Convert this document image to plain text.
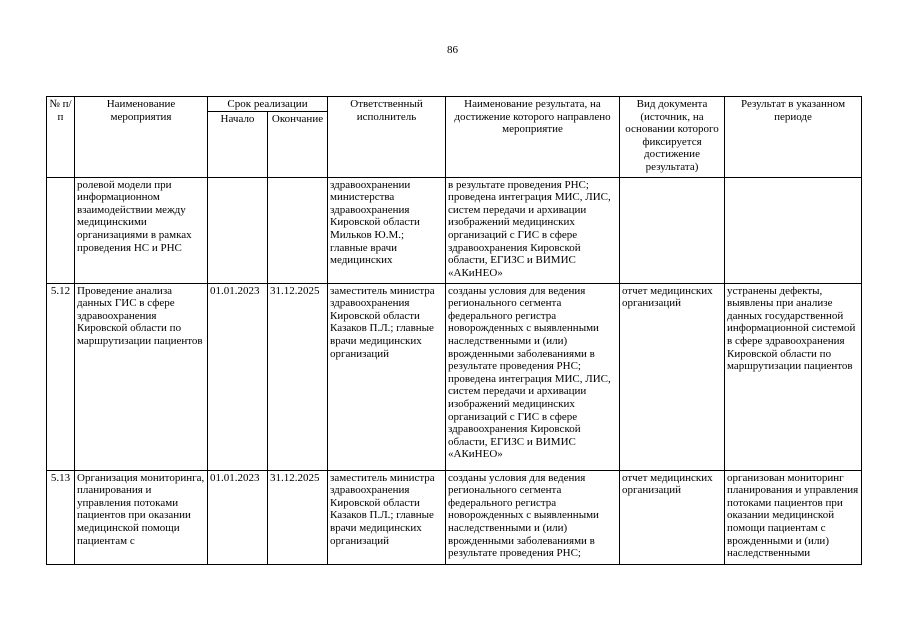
86
№ п/п	Наименование мероприятия	Срок реализации		Ответственный исполнитель	Наименование результата, на достижение которого направлено мероприятие	Вид документа (источник, на основании которого фиксируется достижение результата)	Результат в указанном периоде
		Начало	Окончание				
	ролевой модели при информационном взаимодействии между медицинскими организациями в рамках проведения НС и РНС			здравоохранении министерства здравоохранения Кировской области Мильков Ю.М.; главные врачи медицинских	в результате проведения РНС; проведена интеграция МИС, ЛИС, систем передачи и архивации изображений медицинских организаций с ГИС в сфере здравоохранения Кировской области, ЕГИЗС и ВИМИС «АКиНЕО»		
5.12	Проведение анализа данных ГИС в сфере здравоохранения Кировской области по маршрутизации пациентов	01.01.2023	31.12.2025	заместитель министра здравоохранения Кировской области Казаков П.Л.; главные врачи медицинских организаций	созданы условия для ведения регионального сегмента федерального регистра новорожденных с выявленными наследственными и (или) врожденными заболеваниями в результате проведения РНС; проведена интеграция МИС, ЛИС, систем передачи и архивации изображений медицинских организаций с ГИС в сфере здравоохранения Кировской области, ЕГИЗС и ВИМИС «АКиНЕО»	отчет медицинских организаций	устранены дефекты, выявлены при анализе данных государственной информационной системой в сфере здравоохранения Кировской области по маршрутизации пациентов
5.13	Организация мониторинга, планирования и управления потоками пациентов при оказании медицинской помощи пациентам с	01.01.2023	31.12.2025	заместитель министра здравоохранения Кировской области Казаков П.Л.; главные врачи медицинских организаций	созданы условия для ведения регионального сегмента федерального регистра новорожденных с выявленными наследственными и (или) врожденными заболеваниями в результате проведения РНС;	отчет медицинских организаций	организован мониторинг планирования и управления потоками пациентов при оказании медицинской помощи пациентам с врожденными и (или) наследственными
